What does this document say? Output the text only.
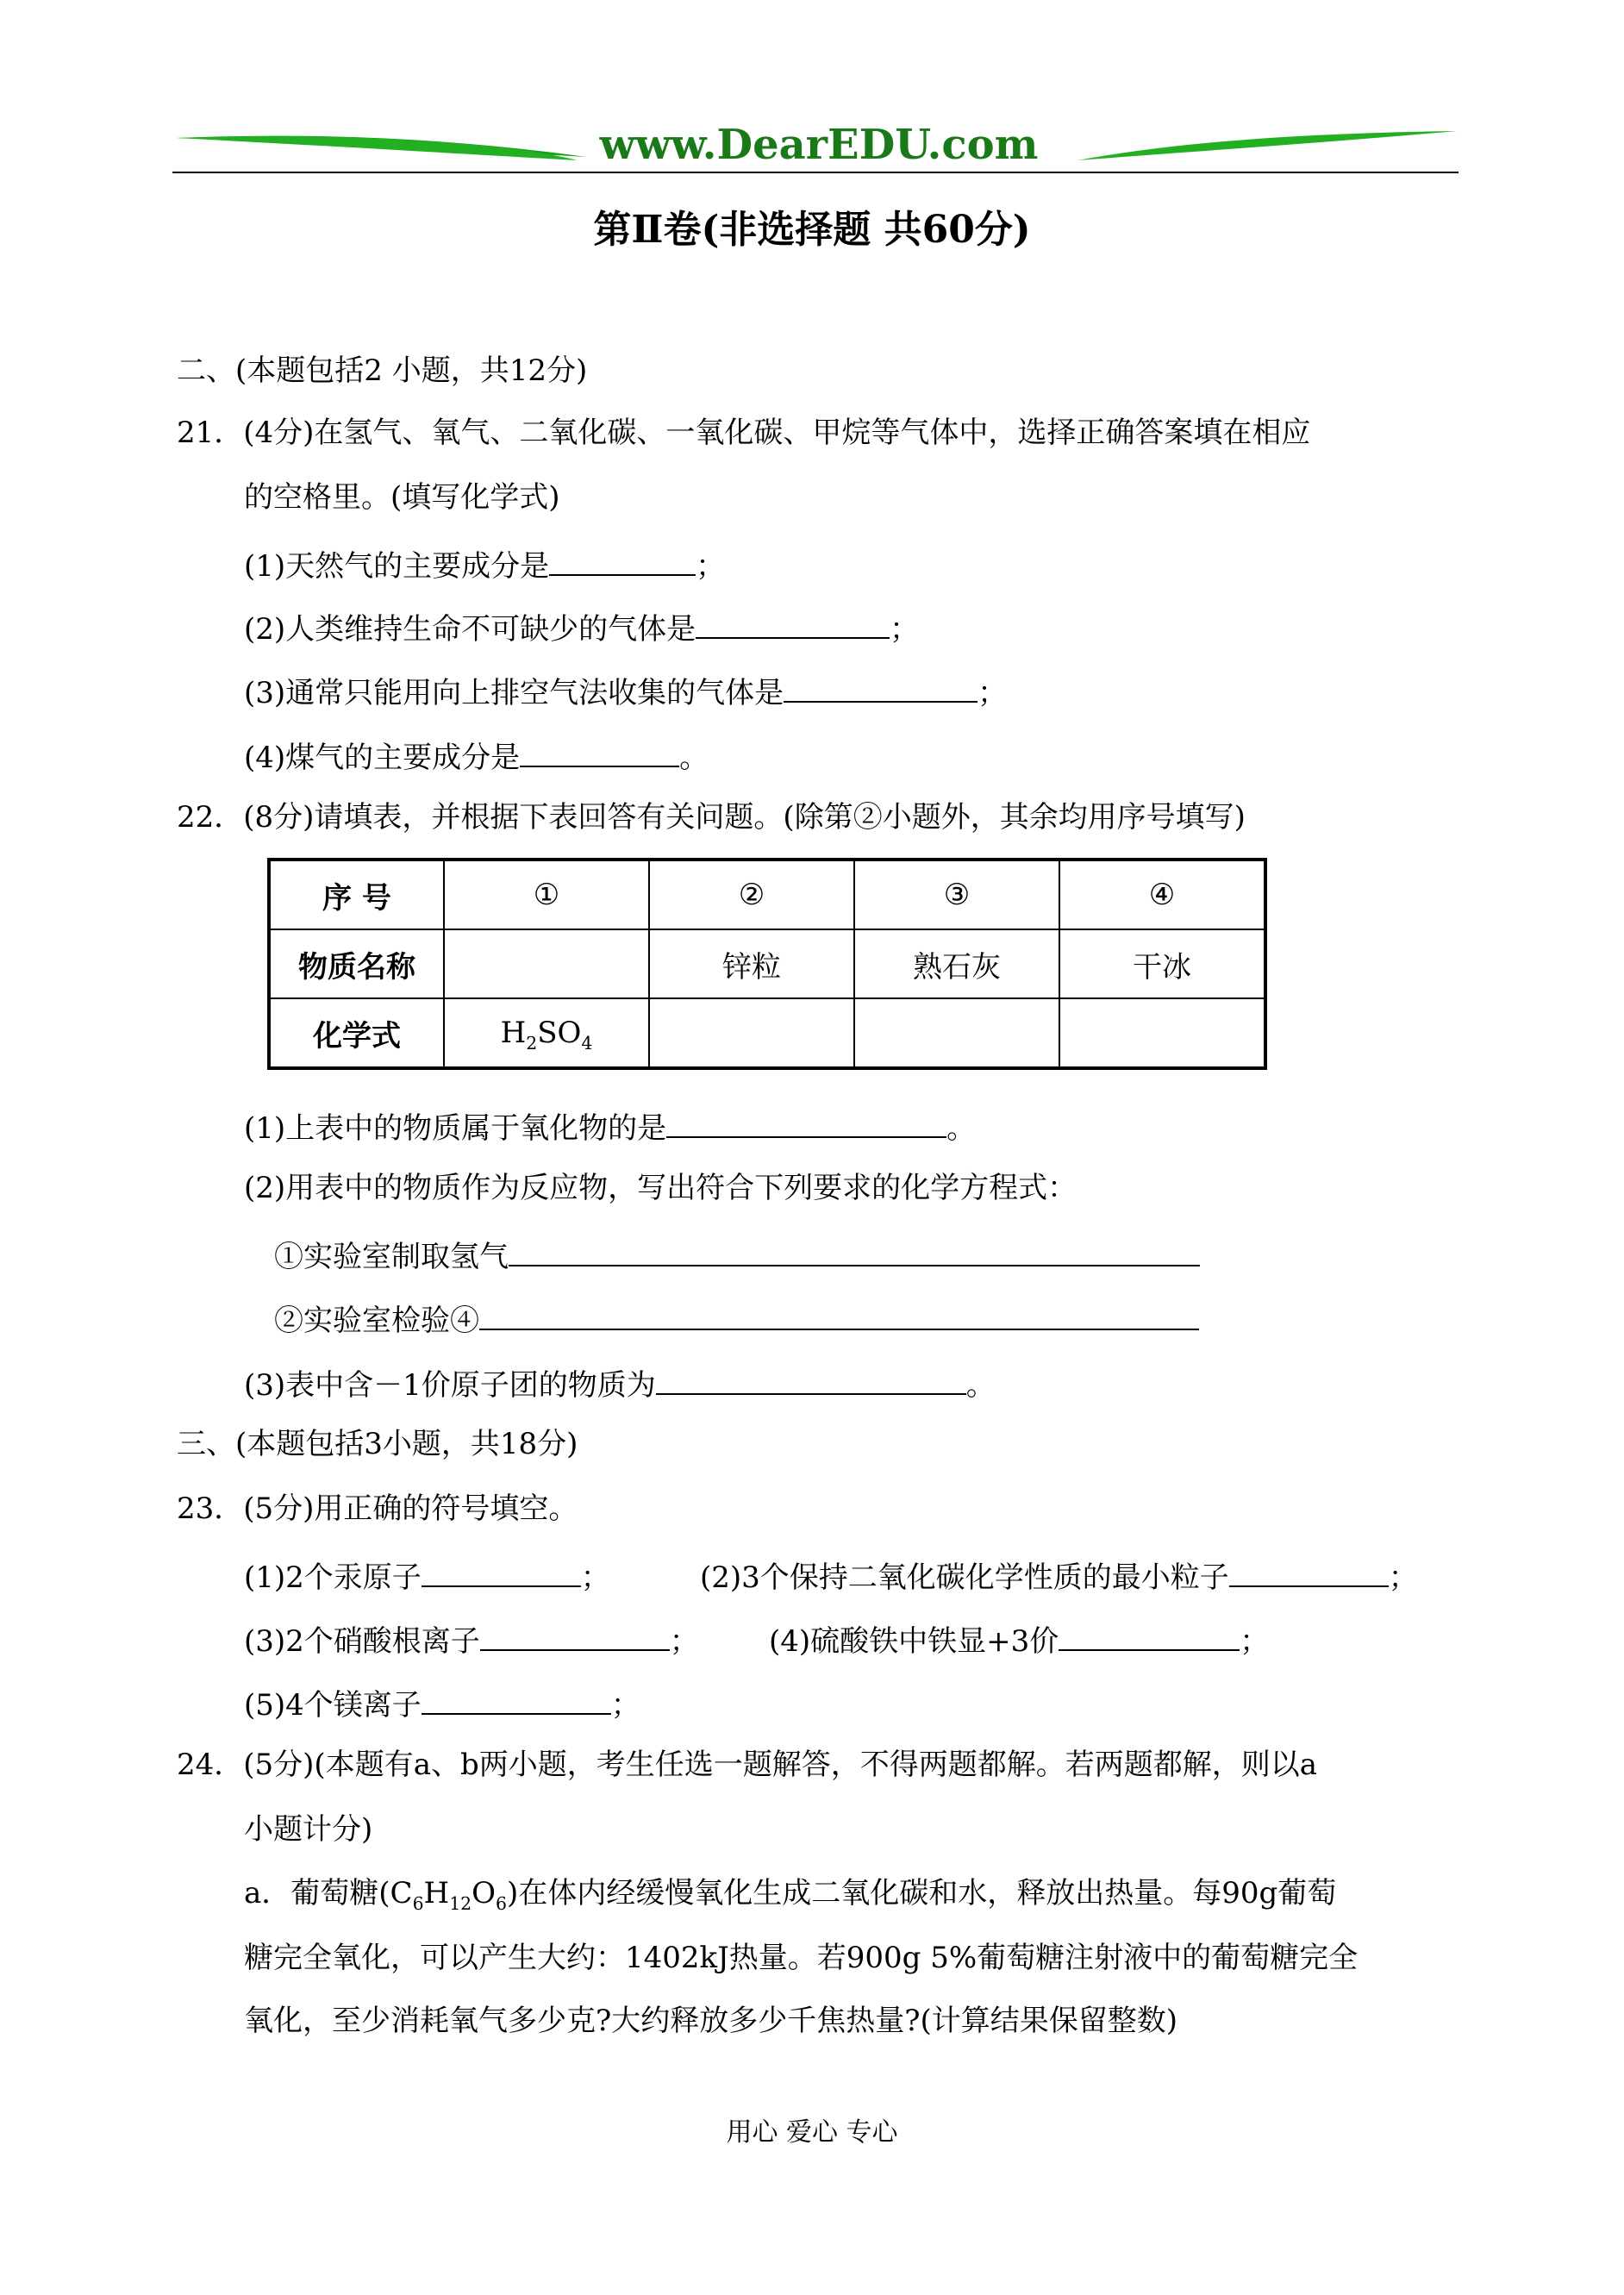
www.DearEDU.com
第Ⅱ卷(非选择题 共60分)
二、(本题包括2 小题，共12分)
21．(4分)在氢气、氧气、二氧化碳、一氧化碳、甲烷等气体中，选择正确答案填在相应
的空格里。(填写化学式)
(1)天然气的主要成分是	；
(2)人类维持生命不可缺少的气体是	；
(3)通常只能用向上排空气法收集的气体是	；
(4)煤气的主要成分是	。
22．(8分)请填表，并根据下表回答有关问题。(除第②小题外，其余均用序号填写)
序 号	①	②	③	④
物质名称		锌粒	熟石灰	干冰
化学式	$H_2SO_4$			
(1)上表中的物质属于氧化物的是	。
(2)用表中的物质作为反应物，写出符合下列要求的化学方程式：
①实验室制取氢气
②实验室检验④
(3)表中含－1价原子团的物质为	。
三、(本题包括3小题，共18分)
23．(5分)用正确的符号填空。
(1)2个汞原子	；	(2)3个保持二氧化碳化学性质的最小粒子	；
(3)2个硝酸根离子	； (4)硫酸铁中铁显+3价	；
(5)4个镁离子	；
24．(5分)(本题有a、b两小题，考生任选一题解答，不得两题都解。若两题都解，则以a
小题计分)
a．葡萄糖$(C_6H_{12}O_6)$在体内经缓慢氧化生成二氧化碳和水，释放出热量。每90g葡萄
糖完全氧化，可以产生大约：1402kJ热量。若900g 5%葡萄糖注射液中的葡萄糖完全
氧化，至少消耗氧气多少克?大约释放多少千焦热量?(计算结果保留整数)
用心 爱心 专心
